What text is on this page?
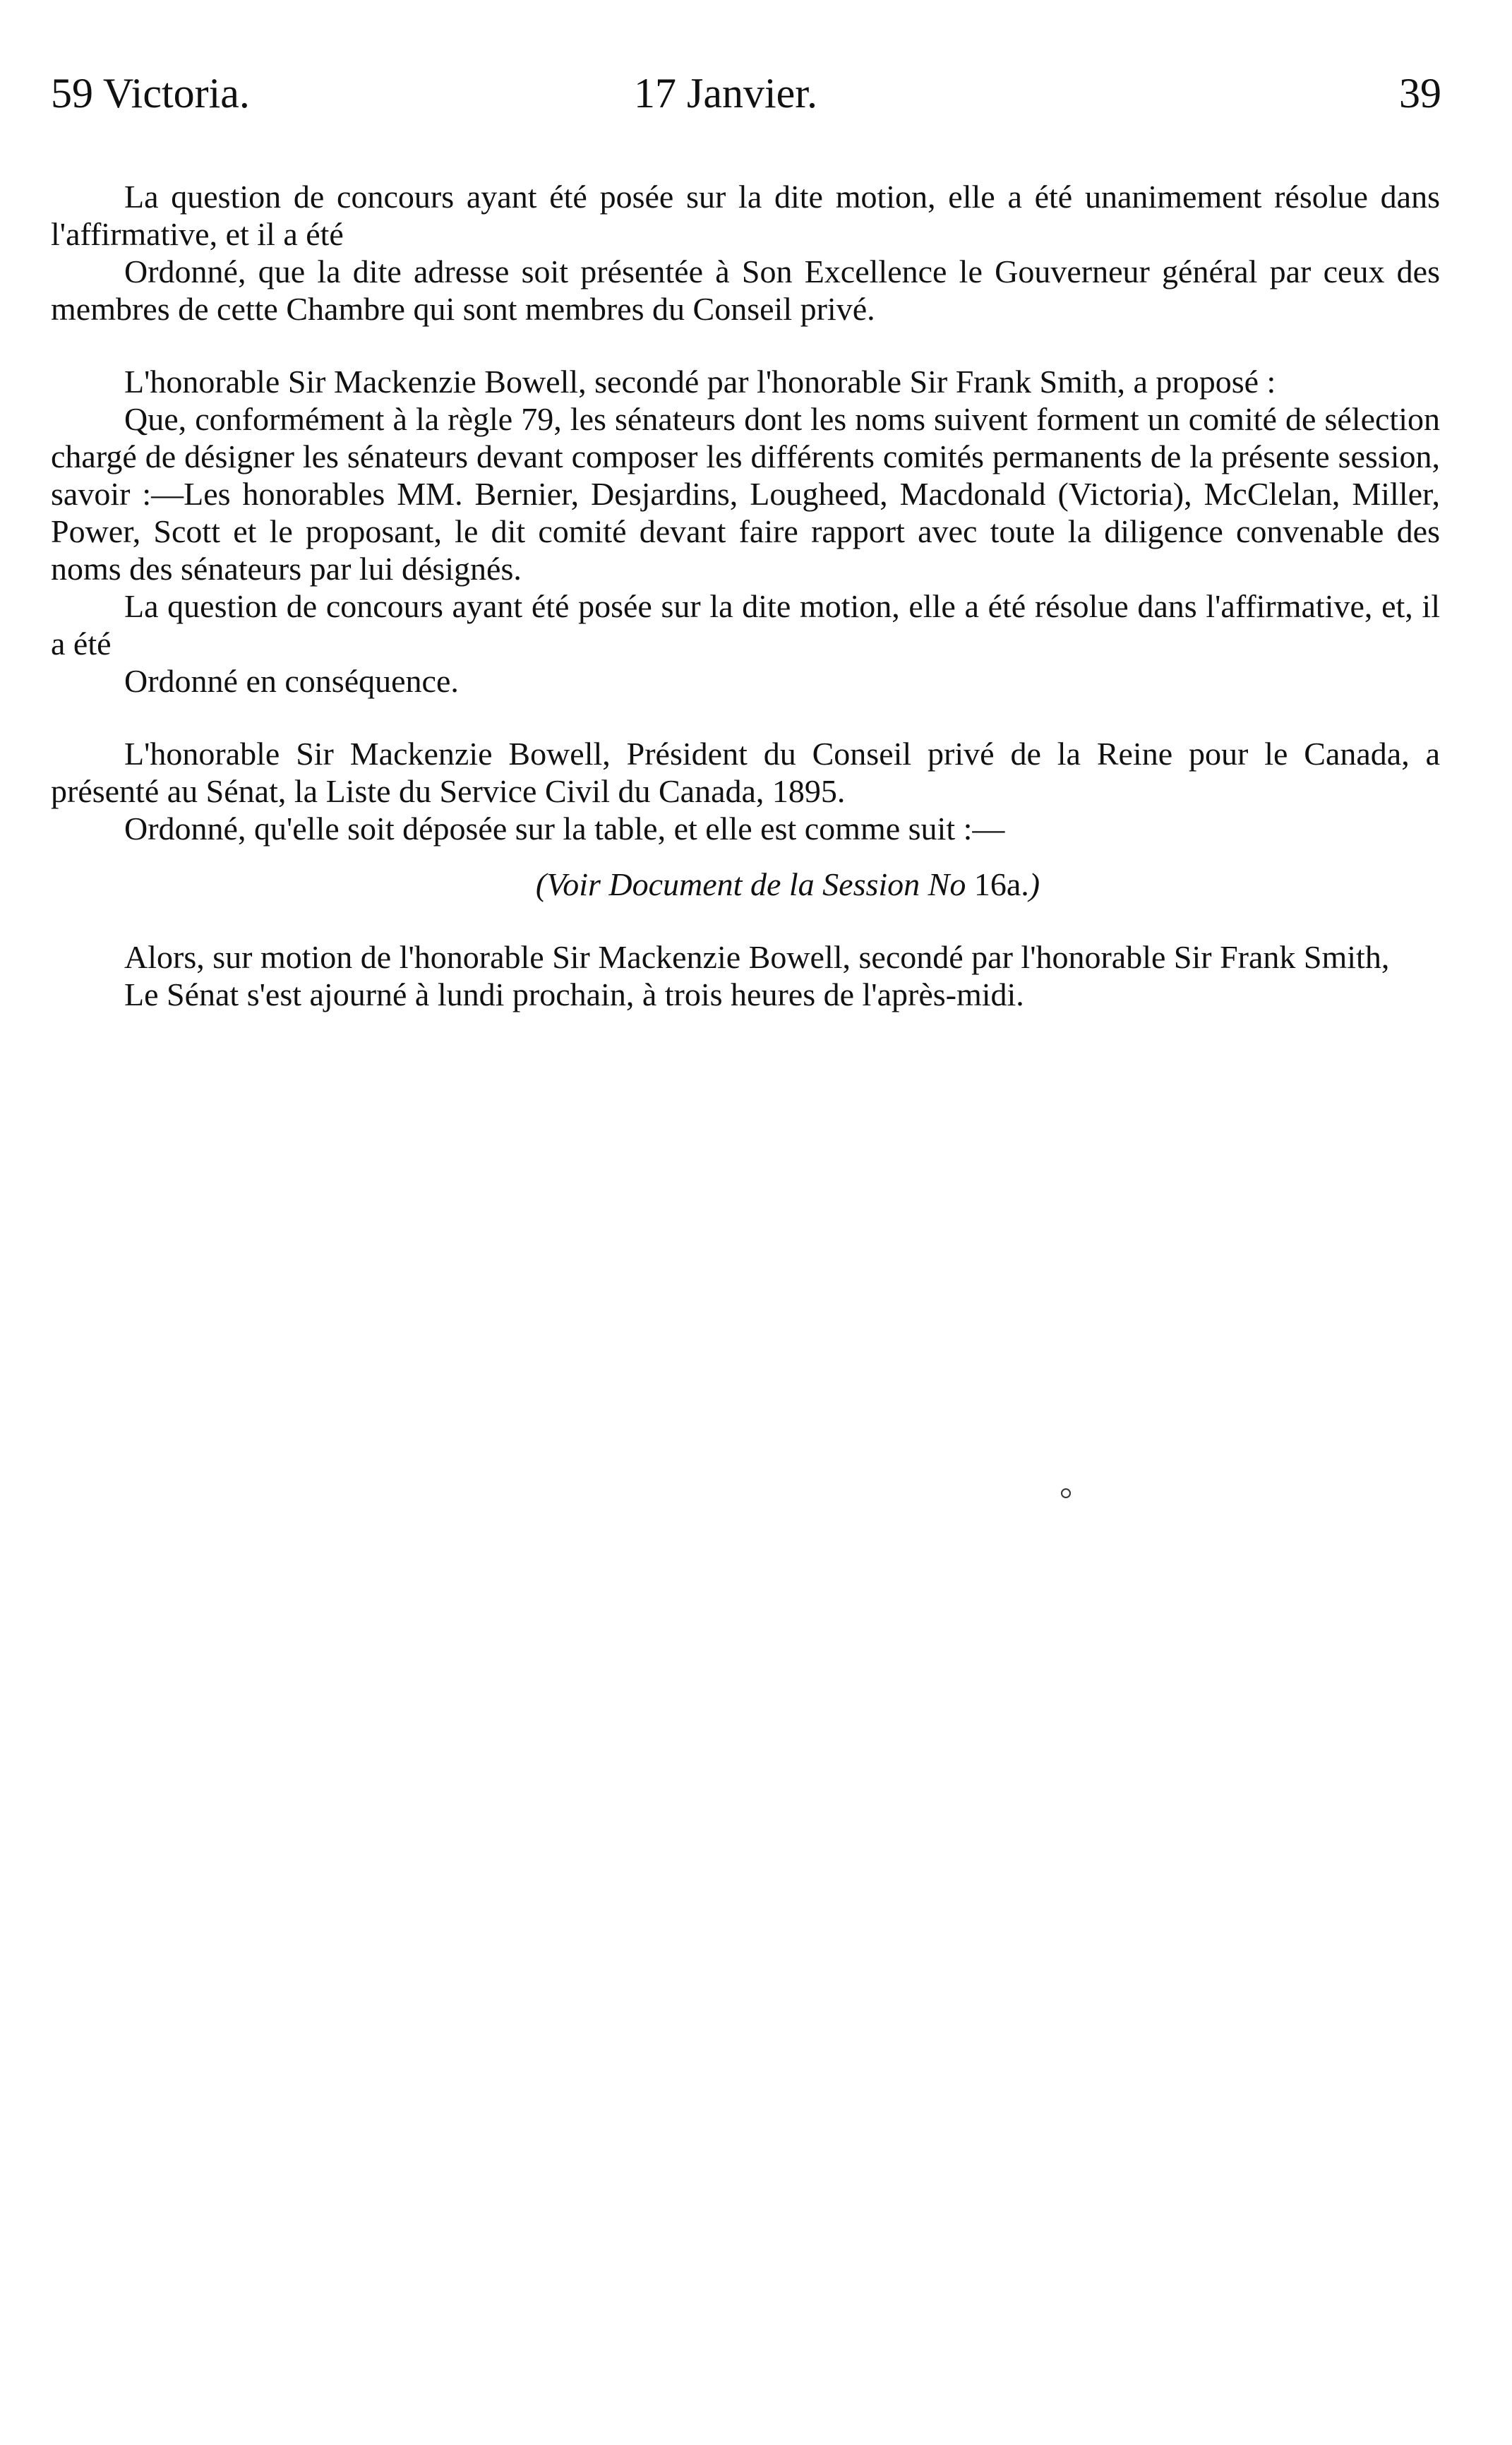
59 Victoria.	17 Janvier.	39

La question de concours ayant été posée sur la dite motion, elle a été unanimement résolue dans l'affirmative, et il a été

Ordonné, que la dite adresse soit présentée à Son Excellence le Gouverneur général par ceux des membres de cette Chambre qui sont membres du Conseil privé.

L'honorable Sir Mackenzie Bowell, secondé par l'honorable Sir Frank Smith, a proposé :

Que, conformément à la règle 79, les sénateurs dont les noms suivent forment un comité de sélection chargé de désigner les sénateurs devant composer les différents comités permanents de la présente session, savoir :—Les honorables MM. Bernier, Desjardins, Lougheed, Macdonald (Victoria), McClelan, Miller, Power, Scott et le proposant, le dit comité devant faire rapport avec toute la diligence convenable des noms des sénateurs par lui désignés.

La question de concours ayant été posée sur la dite motion, elle a été résolue dans l'affirmative, et, il a été

Ordonné en conséquence.

L'honorable Sir Mackenzie Bowell, Président du Conseil privé de la Reine pour le Canada, a présenté au Sénat, la Liste du Service Civil du Canada, 1895.

Ordonné, qu'elle soit déposée sur la table, et elle est comme suit :—

(Voir Document de la Session No 16a.)

Alors, sur motion de l'honorable Sir Mackenzie Bowell, secondé par l'honorable Sir Frank Smith,

Le Sénat s'est ajourné à lundi prochain, à trois heures de l'après-midi.
